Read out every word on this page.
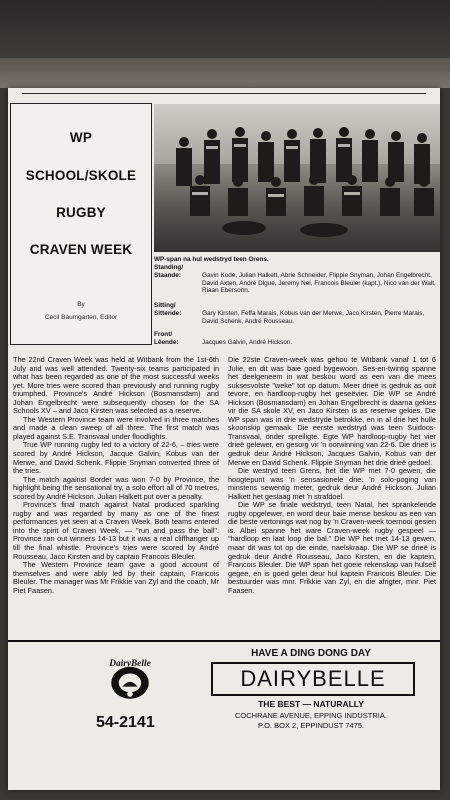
WP
SCHOOL/SKOLE
RUGBY
CRAVEN WEEK
By
Cecil Baumgarten, Editor
WP-span na hul wedstryd teen Grens.
Standing/
Staande:	Gavin Kode, Julian Halkett, Abrie Schneider, Flippie Snyman, Johan Engelbrecht, David Axten, André Dlgue, Jeremy Nel, Francois Bleuler (kapt.), Nico van der Walt, Riaan Ebersohn.
Sitting/
Sittende:	Gary Kirsten, Feffa Marais, Kobus van der Merwe, Jaco Kirsten, Pierre Marais, David Schenk, André Rousseau.
Front/
Lêende:	Jacques Galvin, André Hickson.

The 22nd Craven Week was held at Witbank from the 1st-6th July and was well attended. Twenty-six teams participated in what has been regarded as one of the most successful weeks yet. More tries were scored than previously and running rugby triumphed. Province's André Hickson (Bosmansdam) and Johan Engelbrecht were subsequently chosen for the SA Schools XV – and Jaco Kirsten was selected as a reserve.

The Western Province team were involved in three matches and made a clean sweep of all three. The first match was played against S.E. Transvaal under floodlights.

True WP running rugby led to a victory of 22-6, – tries were scored by André Hickson, Jacque Galvin, Kobus van der Merwe, and David Schenk. Flippie Snyman converted three of the tries.

The match against Border was won 7-0 by Province, the highlight being the sensational try, a solo effort all of 70 metres, scored by André Hickson. Julian Halkett put over a penalty.

Province's final match against Natal produced sparkling rugby and was regarded by many as one of the finest performances yet seen at a Craven Week. Both teams entered into the spirit of Craven Week, — "run and pass the ball". Province ran out winners 14-13 but it was a real cliffhanger up till the final whistle. Province's tries were scored by André Rousseau, Jaco Kirsten and by captain Francois Bleuler.

The Western Province team gave a good account of themselves and were ably led by their captain, Francois Bleuler. The manager was Mr Frikkie van Zyl and the coach, Mr Piet Faasen.

Die 22ste Craven-week was gehou te Witbank vanaf 1 tot 6 Julie, en dit was baie goed bygewoon. Ses-en-twintig spanne het deelgeneem in wat beskou word as een van die mees suksesvolste "weke" tot op datum. Meer drieë is gedruk as ooit tevore, en hardloop-rugby het geseëvier. Die WP se André Hickson (Bosmansdam) en Johan Engelbrecht is daarna gekies vir die SA skole XV, en Jaco Kirsten is as reserwe gekies. Die WP span was in drie wedstryde betrokke, en in al drie het hulle skoonskip gemaak. Die eerste wedstryd was teen Suidoos-Transvaal, onder spreiligte. Egte WP hardloop-rugby het vier drieë gelewer, en gesorg vir 'n oorwinning van 22-6. Die drieë is gedruk deur André Hickson, Jacques Galvin, Kobus van der Merwe en David Schenk. Flippie Snyman het drie drieë gedoel.

Die westryd teen Grens, het die WP met 7-0 gewen, die hoogtepunt was 'n sensasionele drie, 'n solo-poging van minstens sewentig meter, gedruk deur André Hickson. Julian Halkett het geslaag met 'n strafdoel.

Die WP se finale wedstryd, teen Natal, het sprankelende rugby opgelewer, en word deur baie mense beskou as een van die beste vertonings wat nog by 'n Craven-week toernooi gesien is. Albei spanne het ware Craven-week rugby gespeel — "hardloop en laat loop die bal." Die WP het met 14-13 gewen, maar dit was tot op die einde, naelskraap. Die WP se drieë is gedruk deur André Rousseau, Jaco Kirsten, en die kaptein, Francois Bleuler. Die WP span het goeie rekenskap van hulself gegee, en is goed gelei deur hul kaptein Francois Bleuler. Die bestuurder was mnr. Frikkie van Zyl, en die afrigter, mnr. Piet Faasen.

DairyBelle
54-2141
HAVE A DING DONG DAY
DAIRYBELLE
THE BEST — NATURALLY
COCHRANE AVENUE, EPPING INDUSTRIA.
P.O. BOX 2, EPPINDUST 7475.
